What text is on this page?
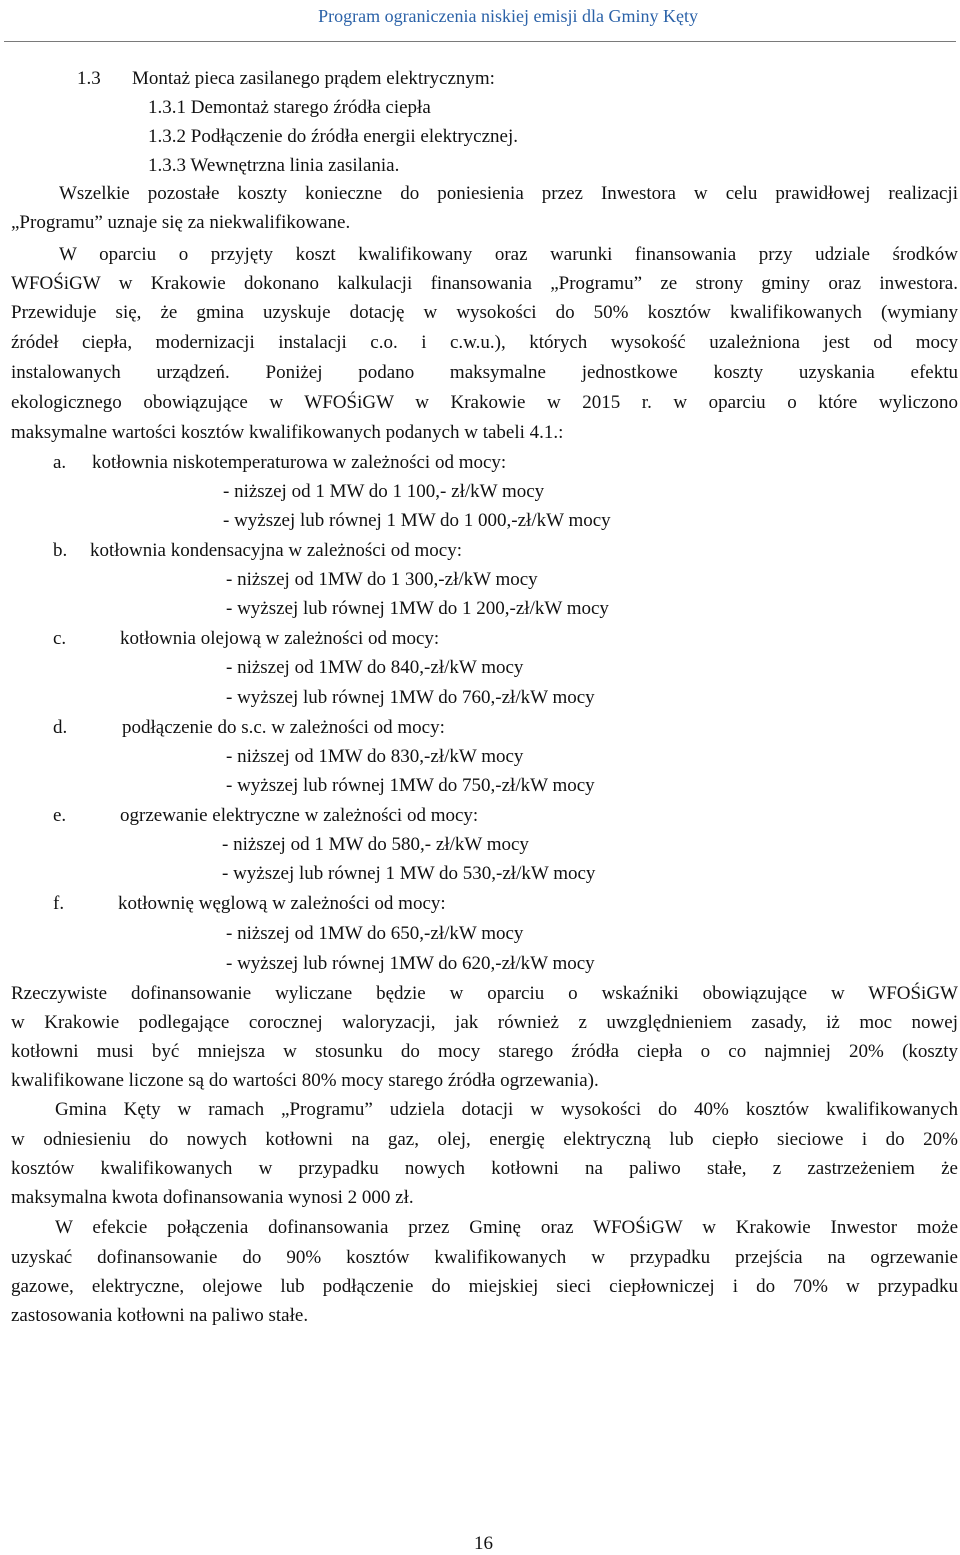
Program ograniczenia niskiej emisji dla Gminy Kęty
1.3 Montaż pieca zasilanego prądem elektrycznym:
1.3.1 Demontaż starego źródła ciepła
1.3.2 Podłączenie do źródła energii elektrycznej.
1.3.3 Wewnętrzna linia zasilania.
Wszelkie pozostałe koszty konieczne do poniesienia przez Inwestora w celu prawidłowej realizacji
„Programu” uznaje się za niekwalifikowane.
W oparciu o przyjęty koszt kwalifikowany oraz warunki finansowania przy udziale środków
WFOŚiGW w Krakowie dokonano kalkulacji finansowania „Programu” ze strony gminy oraz inwestora.
Przewiduje się, że gmina uzyskuje dotację w wysokości do 50% kosztów kwalifikowanych (wymiany
źródeł ciepła, modernizacji instalacji c.o. i c.w.u.), których wysokość uzależniona jest od mocy
instalowanych urządzeń. Poniżej podano maksymalne jednostkowe koszty uzyskania efektu
ekologicznego obowiązujące w WFOŚiGW w Krakowie w 2015 r. w oparciu o które wyliczono
maksymalne wartości kosztów kwalifikowanych podanych w tabeli 4.1.:
a. kotłownia niskotemperaturowa w zależności od mocy:
- niższej od 1 MW do 1 100,- zł/kW mocy
- wyższej lub równej 1 MW do 1 000,-zł/kW mocy
b. kotłownia kondensacyjna w zależności od mocy:
- niższej od 1MW do 1 300,-zł/kW mocy
- wyższej lub równej 1MW do 1 200,-zł/kW mocy
c.	kotłownia olejową w zależności od mocy:
- niższej od 1MW do 840,-zł/kW mocy
- wyższej lub równej 1MW do 760,-zł/kW mocy
d.	podłączenie do s.c. w zależności od mocy:
- niższej od 1MW do 830,-zł/kW mocy
- wyższej lub równej 1MW do 750,-zł/kW mocy
e.	ogrzewanie elektryczne w zależności od mocy:
- niższej od 1 MW do 580,- zł/kW mocy
- wyższej lub równej 1 MW do 530,-zł/kW mocy
f.	kotłownię węglową w zależności od mocy:
- niższej od 1MW do 650,-zł/kW mocy
- wyższej lub równej 1MW do 620,-zł/kW mocy
Rzeczywiste dofinansowanie wyliczane będzie w oparciu o wskaźniki obowiązujące w WFOŚiGW
w Krakowie podlegające corocznej waloryzacji, jak również z uwzględnieniem zasady, iż moc nowej
kotłowni musi być mniejsza w stosunku do mocy starego źródła ciepła o co najmniej 20% (koszty
kwalifikowane liczone są do wartości 80% mocy starego źródła ogrzewania).
Gmina Kęty w ramach „Programu” udziela dotacji w wysokości do 40% kosztów kwalifikowanych
w odniesieniu do nowych kotłowni na gaz, olej, energię elektryczną lub ciepło sieciowe i do 20%
kosztów kwalifikowanych w przypadku nowych kotłowni na paliwo stałe, z zastrzeżeniem że
maksymalna kwota dofinansowania wynosi 2 000 zł.
W efekcie połączenia dofinansowania przez Gminę oraz WFOŚiGW w Krakowie Inwestor może
uzyskać dofinansowanie do 90% kosztów kwalifikowanych w przypadku przejścia na ogrzewanie
gazowe, elektryczne, olejowe lub podłączenie do miejskiej sieci ciepłowniczej i do 70% w przypadku
zastosowania kotłowni na paliwo stałe.
16
